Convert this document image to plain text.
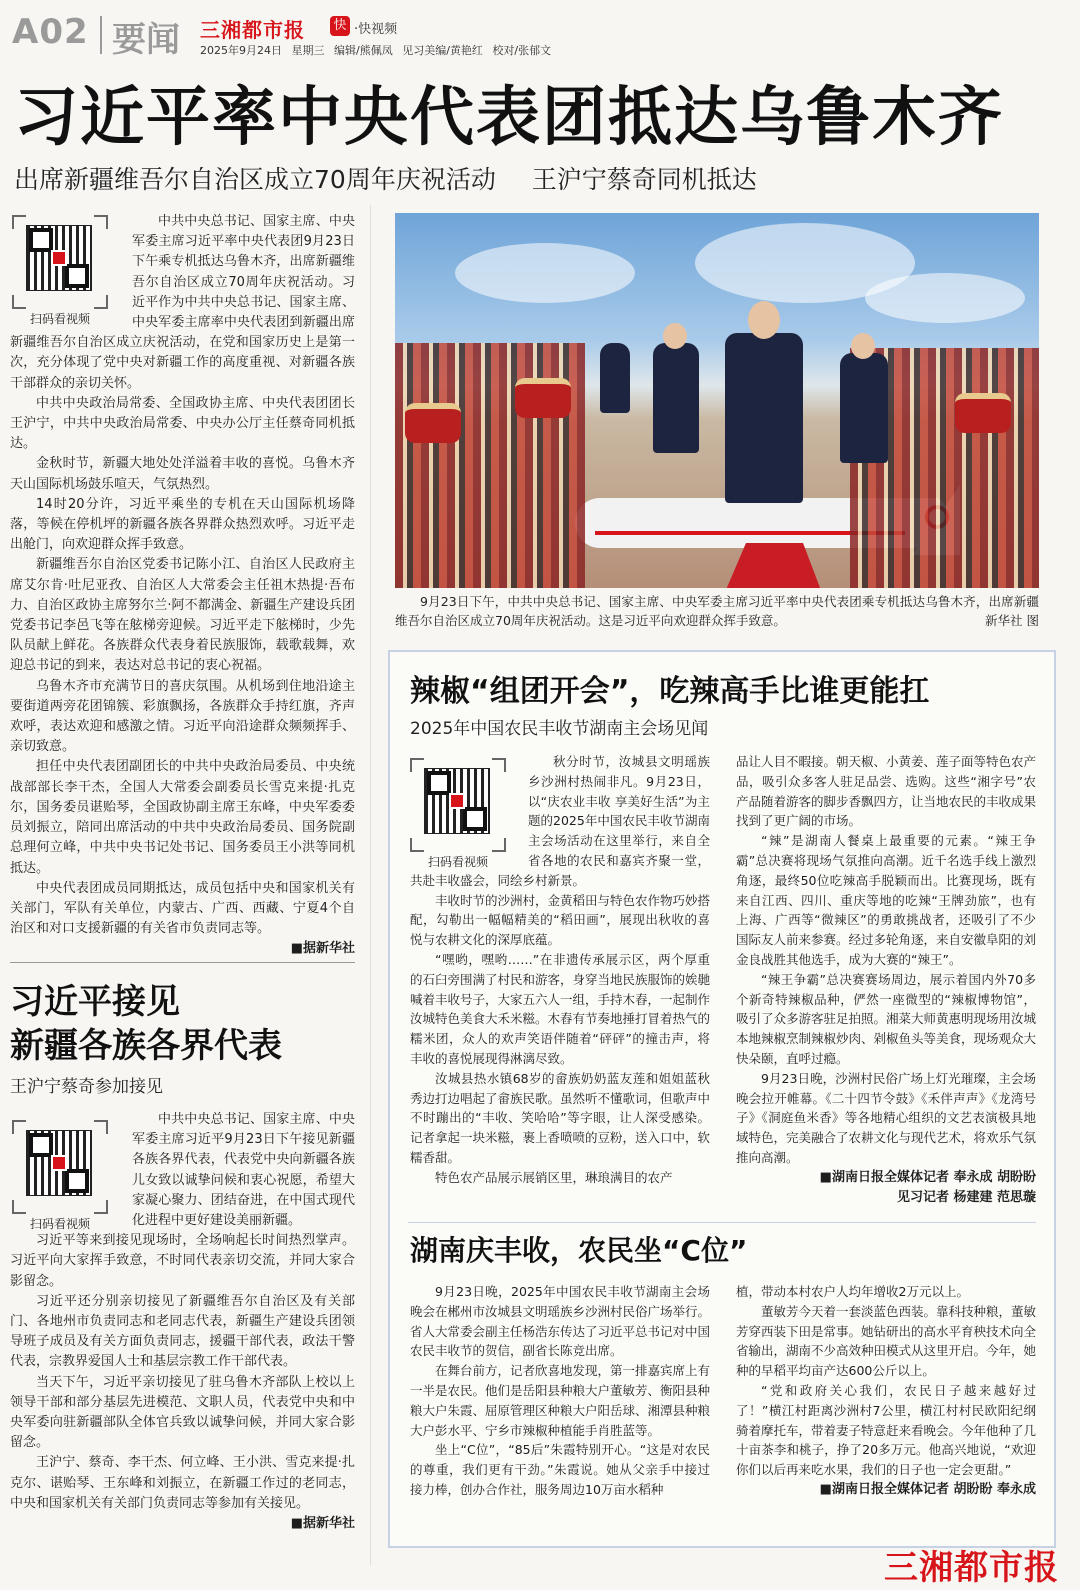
A02 要闻 三湘都市报 快 ·快视频
2025年9月24日 星期三 编辑/熊佩凤 见习美编/黄艳红 校对/张郁文
习近平率中央代表团抵达乌鲁木齐
出席新疆维吾尔自治区成立70周年庆祝活动 王沪宁蔡奇同机抵达
扫码看视频

中共中央总书记、国家主席、中央军委主席习近平率中央代表团9月23日下午乘专机抵达乌鲁木齐，出席新疆维吾尔自治区成立70周年庆祝活动。习近平作为中共中央总书记、国家主席、中央军委主席率中央代表团到新疆出席新疆维吾尔自治区成立庆祝活动，在党和国家历史上是第一次，充分体现了党中央对新疆工作的高度重视、对新疆各族干部群众的亲切关怀。

中共中央政治局常委、全国政协主席、中央代表团团长王沪宁，中共中央政治局常委、中央办公厅主任蔡奇同机抵达。

金秋时节，新疆大地处处洋溢着丰收的喜悦。乌鲁木齐天山国际机场鼓乐喧天，气氛热烈。

14时20分许，习近平乘坐的专机在天山国际机场降落，等候在停机坪的新疆各族各界群众热烈欢呼。习近平走出舱门，向欢迎群众挥手致意。

新疆维吾尔自治区党委书记陈小江、自治区人民政府主席艾尔肯·吐尼亚孜、自治区人大常委会主任祖木热提·吾布力、自治区政协主席努尔兰·阿不都满金、新疆生产建设兵团党委书记李邑飞等在舷梯旁迎候。习近平走下舷梯时，少先队员献上鲜花。各族群众代表身着民族服饰，载歌载舞，欢迎总书记的到来，表达对总书记的衷心祝福。

乌鲁木齐市充满节日的喜庆氛围。从机场到住地沿途主要街道两旁花团锦簇、彩旗飘扬，各族群众手持红旗，齐声欢呼，表达欢迎和感激之情。习近平向沿途群众频频挥手、亲切致意。

担任中央代表团副团长的中共中央政治局委员、中央统战部部长李干杰，全国人大常委会副委员长雪克来提·扎克尔，国务委员谌贻琴，全国政协副主席王东峰，中央军委委员刘振立，陪同出席活动的中共中央政治局委员、国务院副总理何立峰，中共中央书记处书记、国务委员王小洪等同机抵达。

中央代表团成员同期抵达，成员包括中央和国家机关有关部门，军队有关单位，内蒙古、广西、西藏、宁夏4个自治区和对口支援新疆的有关省市负责同志等。

■据新华社
9月23日下午，中共中央总书记、国家主席、中央军委主席习近平率中央代表团乘专机抵达乌鲁木齐，出席新疆维吾尔自治区成立70周年庆祝活动。这是习近平向欢迎群众挥手致意。	新华社 图
习近平接见
新疆各族各界代表
王沪宁蔡奇参加接见
扫码看视频

中共中央总书记、国家主席、中央军委主席习近平9月23日下午接见新疆各族各界代表，代表党中央向新疆各族儿女致以诚挚问候和衷心祝愿，希望大家凝心聚力、团结奋进，在中国式现代化进程中更好建设美丽新疆。

习近平等来到接见现场时，全场响起长时间热烈掌声。习近平向大家挥手致意，不时同代表亲切交流，并同大家合影留念。

习近平还分别亲切接见了新疆维吾尔自治区及有关部门、各地州市负责同志和老同志代表，新疆生产建设兵团领导班子成员及有关方面负责同志，援疆干部代表，政法干警代表，宗教界爱国人士和基层宗教工作干部代表。

当天下午，习近平亲切接见了驻乌鲁木齐部队上校以上领导干部和部分基层先进模范、文职人员，代表党中央和中央军委向驻新疆部队全体官兵致以诚挚问候，并同大家合影留念。

王沪宁、蔡奇、李干杰、何立峰、王小洪、雪克来提·扎克尔、谌贻琴、王东峰和刘振立，在新疆工作过的老同志，中央和国家机关有关部门负责同志等参加有关接见。

■据新华社
辣椒“组团开会”，吃辣高手比谁更能扛
2025年中国农民丰收节湖南主会场见闻
扫码看视频

秋分时节，汝城县文明瑶族乡沙洲村热闹非凡。9月23日，以“庆农业丰收 享美好生活”为主题的2025年中国农民丰收节湖南主会场活动在这里举行，来自全省各地的农民和嘉宾齐聚一堂，共赴丰收盛会，同绘乡村新景。

丰收时节的沙洲村，金黄稻田与特色农作物巧妙搭配，勾勒出一幅幅精美的“稻田画”，展现出秋收的喜悦与农耕文化的深厚底蕴。

“嘿哟，嘿哟……”在非遗传承展示区，两个厚重的石臼旁围满了村民和游客，身穿当地民族服饰的娭毑喊着丰收号子，大家五六人一组，手持木舂，一起制作汝城特色美食大禾米糍。木舂有节奏地捶打冒着热气的糯米团，众人的欢声笑语伴随着“砰砰”的撞击声，将丰收的喜悦展现得淋漓尽致。

汝城县热水镇68岁的畲族奶奶蓝友莲和姐姐蓝秋秀边打边唱起了畲族民歌。虽然听不懂歌词，但歌声中不时蹦出的“丰收、笑哈哈”等字眼，让人深受感染。记者拿起一块米糍，裹上香喷喷的豆粉，送入口中，软糯香甜。

特色农产品展示展销区里，琳琅满目的农产

品让人目不暇接。朝天椒、小黄姜、莲子面等特色农产品，吸引众多客人驻足品尝、选购。这些“湘字号”农产品随着游客的脚步香飘四方，让当地农民的丰收成果找到了更广阔的市场。

“辣”是湖南人餐桌上最重要的元素。“辣王争霸”总决赛将现场气氛推向高潮。近千名选手线上激烈角逐，最终50位吃辣高手脱颖而出。比赛现场，既有来自江西、四川、重庆等地的吃辣“王牌劲旅”，也有上海、广西等“微辣区”的勇敢挑战者，还吸引了不少国际友人前来参赛。经过多轮角逐，来自安徽阜阳的刘金良战胜其他选手，成为大赛的“辣王”。

“辣王争霸”总决赛赛场周边，展示着国内外70多个新奇特辣椒品种，俨然一座微型的“辣椒博物馆”，吸引了众多游客驻足拍照。湘菜大师黄惠明现场用汝城本地辣椒烹制辣椒炒肉、剁椒鱼头等美食，现场观众大快朵颐，直呼过瘾。

9月23日晚，沙洲村民俗广场上灯光璀璨，主会场晚会拉开帷幕。《二十四节令鼓》《禾伴声声》《龙湾号子》《洞庭鱼米香》等各地精心组织的文艺表演极具地域特色，完美融合了农耕文化与现代艺术，将欢乐气氛推向高潮。

■湖南日报全媒体记者 奉永成 胡盼盼
见习记者 杨建建 范思璇
湖南庆丰收，农民坐“C位”

9月23日晚，2025年中国农民丰收节湖南主会场晚会在郴州市汝城县文明瑶族乡沙洲村民俗广场举行。省人大常委会副主任杨浩东传达了习近平总书记对中国农民丰收节的贺信，副省长陈竞出席。

在舞台前方，记者欣喜地发现，第一排嘉宾席上有一半是农民。他们是岳阳县种粮大户董敏芳、衡阳县种粮大户朱霞、屈原管理区种粮大户阳岳球、湘潭县种粮大户彭水平、宁乡市辣椒种植能手肖胜蓝等。

坐上“C位”，“85后”朱霞特别开心。“这是对农民的尊重，我们更有干劲。”朱霞说。她从父亲手中接过接力棒，创办合作社，服务周边10万亩水稻种

植，带动本村农户人均年增收2万元以上。

董敏芳今天着一套淡蓝色西装。靠科技种粮，董敏芳穿西装下田是常事。她钻研出的高水平育秧技术向全省输出，湖南不少高效种田模式从这里开启。今年，她种的早稻平均亩产达600公斤以上。

“党和政府关心我们，农民日子越来越好过了！”横江村距离沙洲村7公里，横江村村民欧阳纪纲骑着摩托车，带着妻子特意赶来看晚会。今年他种了几十亩茶李和桃子，挣了20多万元。他高兴地说，“欢迎你们以后再来吃水果，我们的日子也一定会更甜。”

■湖南日报全媒体记者 胡盼盼 奉永成
三湘都市报
